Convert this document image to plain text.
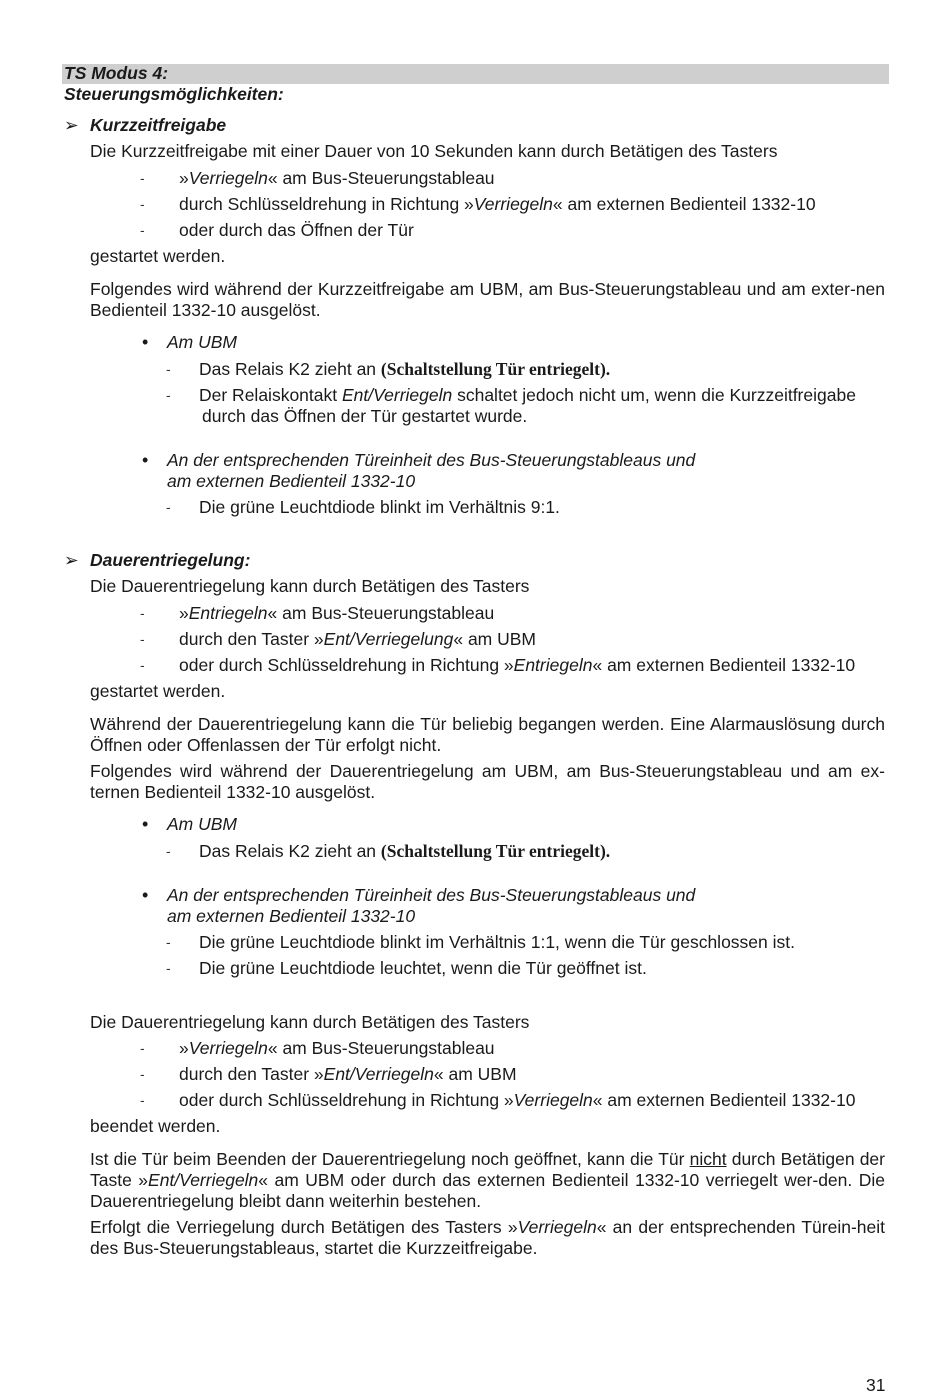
TS Modus 4:
Steuerungsmöglichkeiten:
➢ Kurzzeitfreigabe
Die Kurzzeitfreigabe mit einer Dauer von 10 Sekunden kann durch Betätigen des Tasters
- »Verriegeln« am Bus-Steuerungstableau
- durch Schlüsseldrehung in Richtung »Verriegeln« am externen Bedienteil 1332-10
- oder durch das Öffnen der Tür
gestartet werden.
Folgendes wird während der Kurzzeitfreigabe am UBM, am Bus-Steuerungstableau und am exter-nen Bedienteil 1332-10 ausgelöst.
• Am UBM
- Das Relais K2 zieht an (Schaltstellung Tür entriegelt).
- Der Relaiskontakt Ent/Verriegeln schaltet jedoch nicht um, wenn die Kurzzeitfreigabe
durch das Öffnen der Tür gestartet wurde.
• An der entsprechenden Türeinheit des Bus-Steuerungstableaus und
am externen Bedienteil 1332-10
- Die grüne Leuchtdiode blinkt im Verhältnis 9:1.
➢ Dauerentriegelung:
Die Dauerentriegelung kann durch Betätigen des Tasters
- »Entriegeln« am Bus-Steuerungstableau
- durch den Taster »Ent/Verriegelung« am UBM
- oder durch Schlüsseldrehung in Richtung »Entriegeln« am externen Bedienteil 1332-10
gestartet werden.
Während der Dauerentriegelung kann die Tür beliebig begangen werden. Eine Alarmauslösung durch Öffnen oder Offenlassen der Tür erfolgt nicht.
Folgendes wird während der Dauerentriegelung am UBM, am Bus-Steuerungstableau und am ex-ternen Bedienteil 1332-10 ausgelöst.
• Am UBM
- Das Relais K2 zieht an (Schaltstellung Tür entriegelt).
• An der entsprechenden Türeinheit des Bus-Steuerungstableaus und
am externen Bedienteil 1332-10
- Die grüne Leuchtdiode blinkt im Verhältnis 1:1, wenn die Tür geschlossen ist.
- Die grüne Leuchtdiode leuchtet, wenn die Tür geöffnet ist.
Die Dauerentriegelung kann durch Betätigen des Tasters
- »Verriegeln« am Bus-Steuerungstableau
- durch den Taster »Ent/Verriegeln« am UBM
- oder durch Schlüsseldrehung in Richtung »Verriegeln« am externen Bedienteil 1332-10
beendet werden.
Ist die Tür beim Beenden der Dauerentriegelung noch geöffnet, kann die Tür nicht durch Betätigen der Taste »Ent/Verriegeln« am UBM oder durch das externen Bedienteil 1332-10 verriegelt wer-den. Die Dauerentriegelung bleibt dann weiterhin bestehen.
Erfolgt die Verriegelung durch Betätigen des Tasters »Verriegeln« an der entsprechenden Türein-heit des Bus-Steuerungstableaus, startet die Kurzzeitfreigabe.
31
